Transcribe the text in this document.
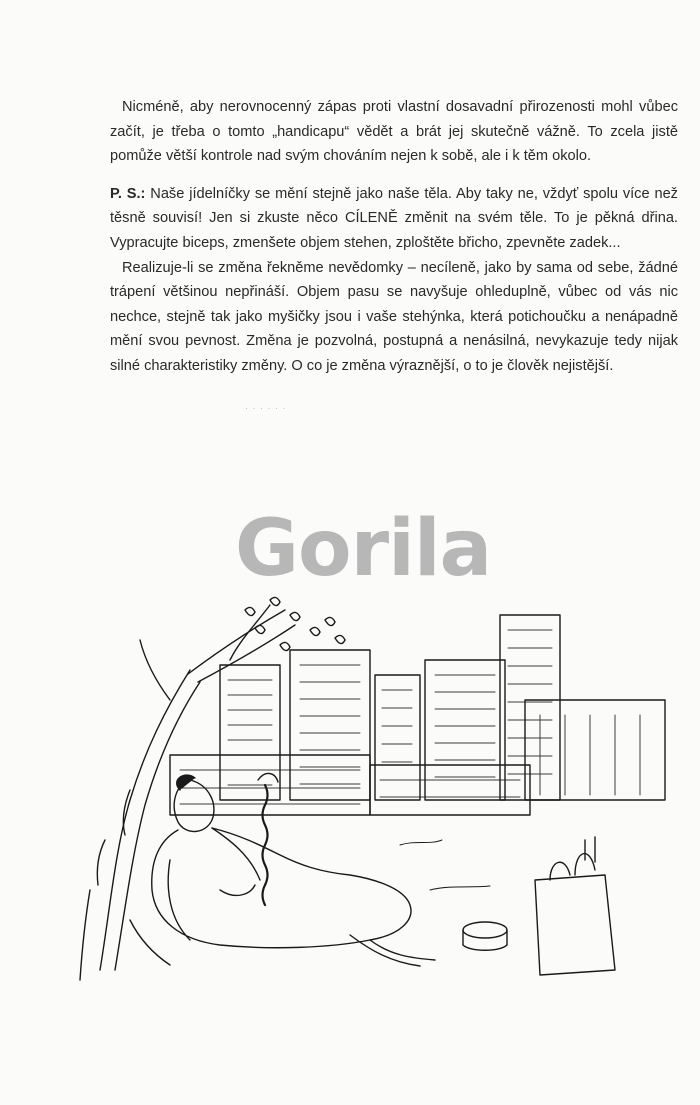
Nicméně, aby nerovnocenný zápas proti vlastní dosavadní přirozenosti mohl vůbec začít, je třeba o tomto „handicapu“ vědět a brát jej skutečně vážně. To zcela jistě pomůže větší kontrole nad svým chováním nejen k sobě, ale i k těm okolo.

P. S.: Naše jídelníčky se mění stejně jako naše těla. Aby taky ne, vždyť spolu více než těsně souvisí! Jen si zkuste něco CÍLENĚ změnit na svém těle. To je pěkná dřina. Vypracujte biceps, zmenšete objem stehen, zploštěte břicho, zpevněte zadek...

Realizuje-li se změna řekněme nevědomky – necíleně, jako by sama od sebe, žádné trápení většinou nepřináší. Objem pasu se navyšuje ohleduplně, vůbec od vás nic nechce, stejně tak jako myšičky jsou i vaše stehýnka, která potichoučku a nenápadně mění svou pevnost. Změna je pozvolná, postupná a nenásilná, nevykazuje tedy nijak silné charakteristiky změny. O co je změna výraznější, o to je člověk nejistější.

· · · · · ·
Gorila
